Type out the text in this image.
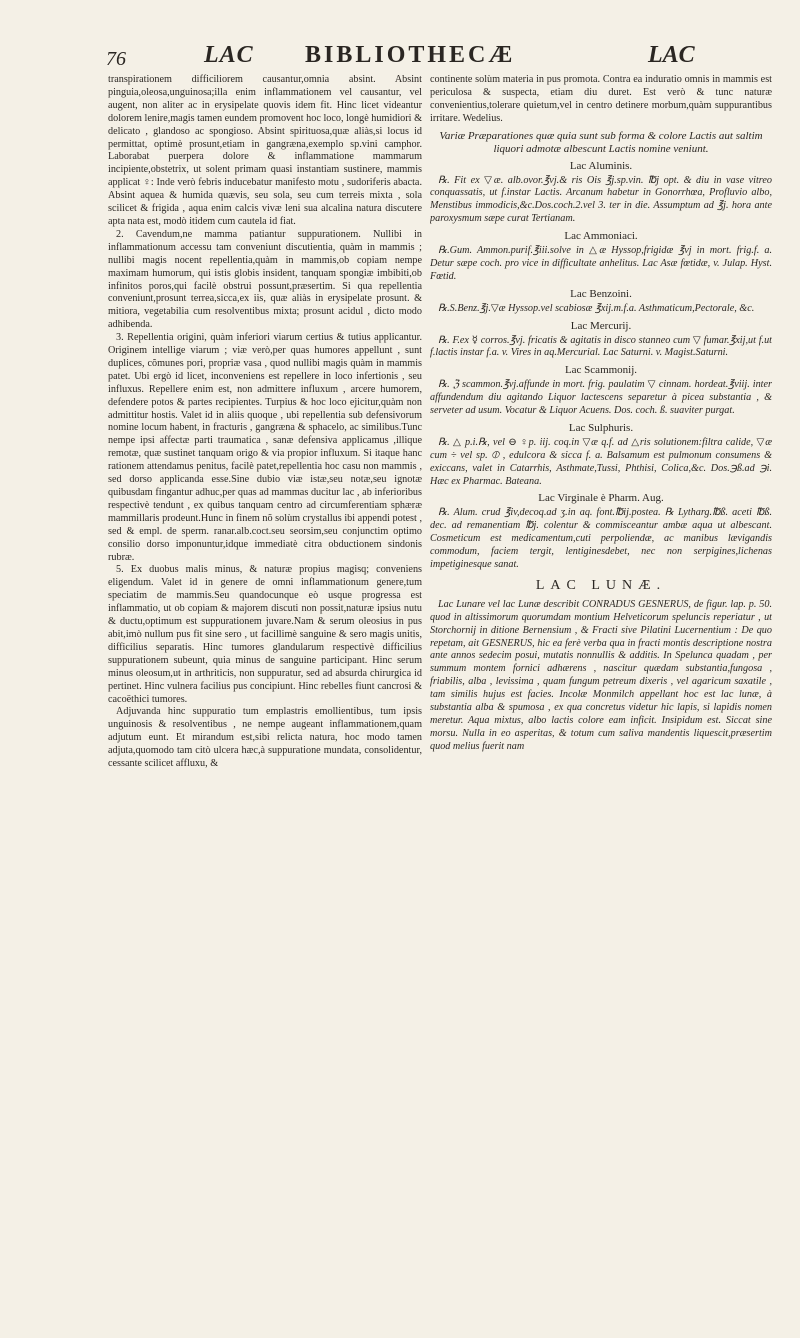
76	LAC BIBLIOTHECÆ	LAC

transpirationem difficiliorem causantur,omnia absint. Absint pinguia,oleosa,unguinosa;illa enim inflammationem vel causantur, vel augent, non aliter ac in erysipelate quovis idem fit. Hinc licet videantur dolorem lenire,magis tamen eundem promovent hoc loco, longè humidiori & delicato , glandoso ac spongioso. Absint spirituosa,quæ aliàs,si locus id permittat, optimè prosunt,etiam in gangræna,exemplo sp.vini camphor. Laborabat puerpera dolore & inflammatione mammarum incipiente,obstetrix, ut solent primam quasi instantiam sustinere, mammis applicat ♀: Inde verò febris inducebatur manifesto motu , sudoriferis abacta. Absint aquea & humida quævis, seu sola, seu cum terreis mixta , sola scilicet & frigida , aqua enim calcis vivæ leni sua alcalina natura discutere apta nata est, modò itidem cum cautela id fiat.

2. Cavendum,ne mamma patiantur suppurationem. Nullibi in inflammationum accessu tam conveniunt discutientia, quàm in mammis ; nullibi magis nocent repellentia,quàm in mammis,ob copiam nempe maximam humorum, qui istis globis insident, tanquam spongiæ imbibiti,ob infinitos poros,qui facilè obstrui possunt,præsertim. Si qua repellentia conveniunt,prosunt terrea,sicca,ex iis, quæ aliàs in erysipelate prosunt. & mitiora, vegetabilia cum resolventibus mixta; prosunt acidul , dicto modo adhibenda.

3. Repellentia origini, quàm inferiori viarum certius & tutius applicantur. Originem intellige viarum ; viæ verò,per quas humores appellunt , sunt duplices, cõmunes pori, propriæ vasa , quod nullibi magis quàm in mammis patet. Ubi ergò id licet, inconveniens est repellere in loco infertionis , seu influxus. Repellere enim est, non admittere influxum , arcere humorem, defendere potos & partes recipientes. Turpius & hoc loco ejicitur,quàm non admittitur hostis. Valet id in aliis quoque , ubi repellentia sub defensivorum nomine locum habent, in fracturis , gangræna & sphacelo, ac similibus.Tunc nempe ipsi affectæ parti traumatica , sanæ defensiva applicamus ,illique remotæ, quæ sustinet tanquam origo & via propior influxum. Si itaque hanc rationem attendamus penitus, facilè patet,repellentia hoc casu non mammis , sed dorso applicanda esse.Sine dubio viæ istæ,seu notæ,seu ignotæ quibusdam fingantur adhuc,per quas ad mammas ducitur lac , ab inferioribus respectivè tendunt , ex quibus tanquam centro ad circumferentiam sphæræ mammillaris prodeunt.Hunc in finem nõ solùm crystallus ibi appendi potest , sed & empl. de sperm. ranar.alb.coct.seu seorsim,seu conjunctim optimo consilio dorso imponuntur,idque immediatè citra obductionem sindonis rubræ.

5. Ex duobus malis minus, & naturæ propius magisq; conveniens eligendum. Valet id in genere de omni inflammationum genere,tum speciatim de mammis.Seu quandocunque eò usque progressa est inflammatio, ut ob copiam & majorem discuti non possit,naturæ ipsius nutu & ductu,optimum est suppurationem juvare.Nam & serum oleosius in pus abit,imò nullum pus fit sine sero , ut facillimè sanguine & sero magis unitis, difficilius separatis. Hinc tumores glandularum respectivè difficilius suppurationem subeunt, quia minus de sanguine participant. Hinc serum minus oleosum,ut in arthriticis, non suppuratur, sed ad absurda chirurgica id pertinet. Hinc vulnera facilius pus concipiunt. Hinc rebelles fiunt cancrosi & cacoëthici tumores.

Adjuvanda hinc suppuratio tum emplastris emollientibus, tum ipsis unguinosis & resolventibus , ne nempe augeant inflammationem,quam adjutum eunt. Et mirandum est,sibi relicta natura, hoc modo tamen adjuta,quomodo tam citò ulcera hæc,à suppuratione mundata, consolidentur, cessante scilicet affluxu, &

continente solùm materia in pus promota. Contra ea induratio omnis in mammis est periculosa & suspecta, etiam diu duret. Est verò & tunc naturæ convenientius,tolerare quietum,vel in centro detinere morbum,quàm suppurantibus irritare. Wedelius.

Variæ Præparationes quæ quia sunt sub forma & colore Lactis aut saltim liquori admotæ albescunt Lactis nomine veniunt.
Lac Aluminis.

℞. Fit ex ▽æ. alb.ovor.℥vj.& ris Ois ℥j.sp.vin. ℔j opt. & diu in vase vitreo conquassatis, ut f.instar Lactis. Arcanum habetur in Gonorrhœa, Profluvio albo, Menstibus immodicis,&c.Dos.coch.2.vel 3. ter in die. Assumptum ad ℥j. hora ante paroxysmum sæpe curat Tertianam.

Lac Ammoniaci.

℞.Gum. Ammon.purif.℥iii.solve in △æ Hyssop,frigidæ ℥vj in mort. frig.f. a. Detur sæpe coch. pro vice in difficultate anhelitus. Lac Asæ fœtidæ, v. Julap. Hyst. Fœtid.

Lac Benzoini.

℞.S.Benz.℥j.▽æ Hyssop.vel scabiosæ ℥xij.m.f.a. Asthmaticum,Pectorale, &c.

Lac Mercurij.

℞. F.ex ☿ corros.℥vj. fricatis & agitatis in disco stanneo cum ▽ fumar.℥xij,ut f.ut f.lactis instar f.a. v. Vires in aq.Mercurial. Lac Saturni. v. Magist.Saturni.

Lac Scammonij.

℞. ℨ scammon.℥vj.affunde in mort. frig. paulatim ▽ cinnam. hordeat.℥viij. inter affundendum diu agitando Liquor lactescens separetur à picea substantia , & serveter ad usum. Vocatur & Liquor Acuens. Dos. coch. ß. suaviter purgat.

Lac Sulphuris.

℞. △ p.i.℞, vel ⊖ ♀p. iij. coq.in ▽æ q.f. ad △ris solutionem:filtra calide, ▽æ cum ÷ vel sp. ⦶ , edulcora & sicca f. a. Balsamum est pulmonum consumens & exiccans, valet in Catarrhis, Asthmate,Tussi, Phthisi, Colica,&c. Dos.℈ß.ad ℈i. Hæc ex Pharmac. Bateana.

Lac Virginale è Pharm. Aug.

℞. Alum. crud ℥iv,decoq.ad ʒ.in aq. font.℔ij.postea. ℞ Lytharg.℔ß. aceti ℔ß. dec. ad remanentiam ℔j. colentur & commisceantur ambæ aqua ut albescant. Cosmeticum est medicamentum,cuti perpoliendæ, ac manibus lævigandis commodum, faciem tergit, lentiginesdebet, nec non serpigines,lichenas impetiginesque sanat.

LAC LUNÆ.

Lac Lunare vel lac Lunæ describit CONRADUS GESNERUS, de figur. lap. p. 50. quod in altissimorum quorumdam montium Helveticorum speluncis reperiatur , ut Storchornij in ditione Bernensium , & Fracti sive Pilatini Lucernentium : De quo repetam, ait GESNERUS, hic ea ferè verba qua in fracti montis descriptione nostra ante annos sedecim posui, mutatis nonnullis & additis. In Spelunca quadam , per summum montem fornici adhærens , nascitur quædam substantia,fungosa , friabilis, alba , levissima , quam fungum petreum dixeris , vel agaricum saxatile , tam similis hujus est facies. Incolæ Monmilch appellant hoc est lac lunæ, à substantia alba & spumosa , ex qua concretus videtur hic lapis, si lapidis nomen meretur. Aqua mixtus, albo lactis colore eam inficit. Insipidum est. Siccat sine morsu. Nulla in eo asperitas, & totum cum saliva mandentis liquescit,præsertim quod melius fuerit nam
